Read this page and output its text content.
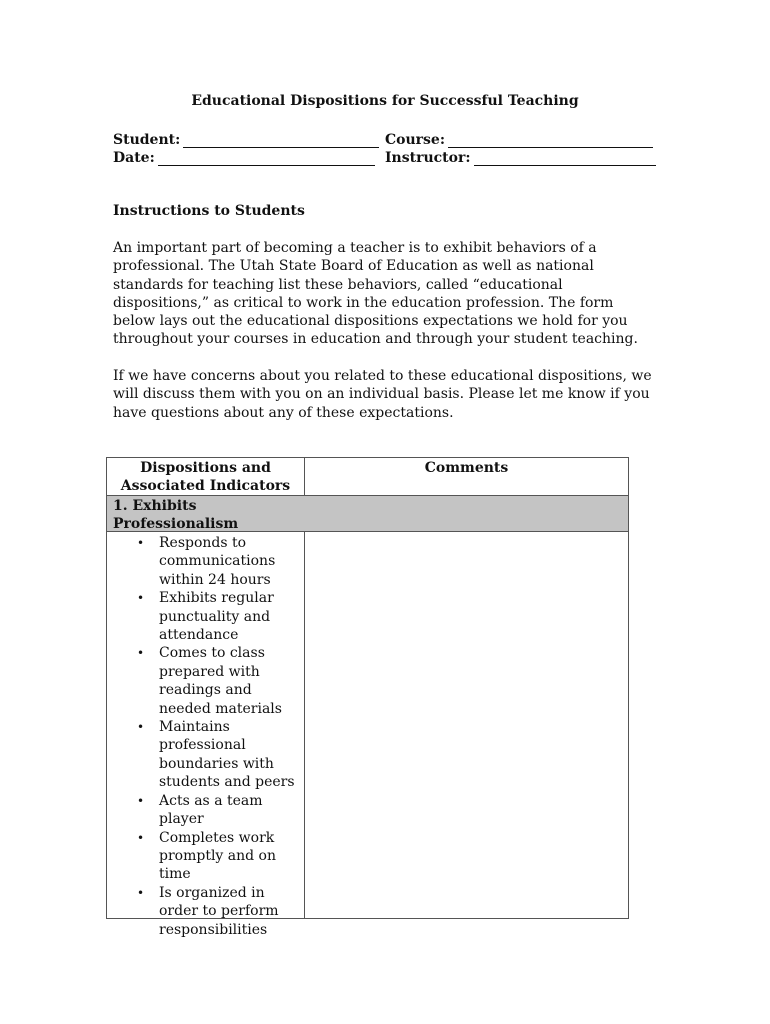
Educational Dispositions for Successful Teaching
Student:	Course:
Date:	Instructor:
Instructions to Students

An important part of becoming a teacher is to exhibit behaviors of a professional. The Utah State Board of Education as well as national standards for teaching list these behaviors, called “educational dispositions,” as critical to work in the education profession. The form below lays out the educational dispositions expectations we hold for you throughout your courses in education and through your student teaching.

If we have concerns about you related to these educational dispositions, we will discuss them with you on an individual basis. Please let me know if you have questions about any of these expectations.

Dispositions and Associated Indicators
Comments
1. Exhibits Professionalism
• Responds to communications within 24 hours
• Exhibits regular punctuality and attendance
• Comes to class prepared with readings and needed materials
• Maintains professional boundaries with students and peers
• Acts as a team player
• Completes work promptly and on time
• Is organized in order to perform responsibilities
